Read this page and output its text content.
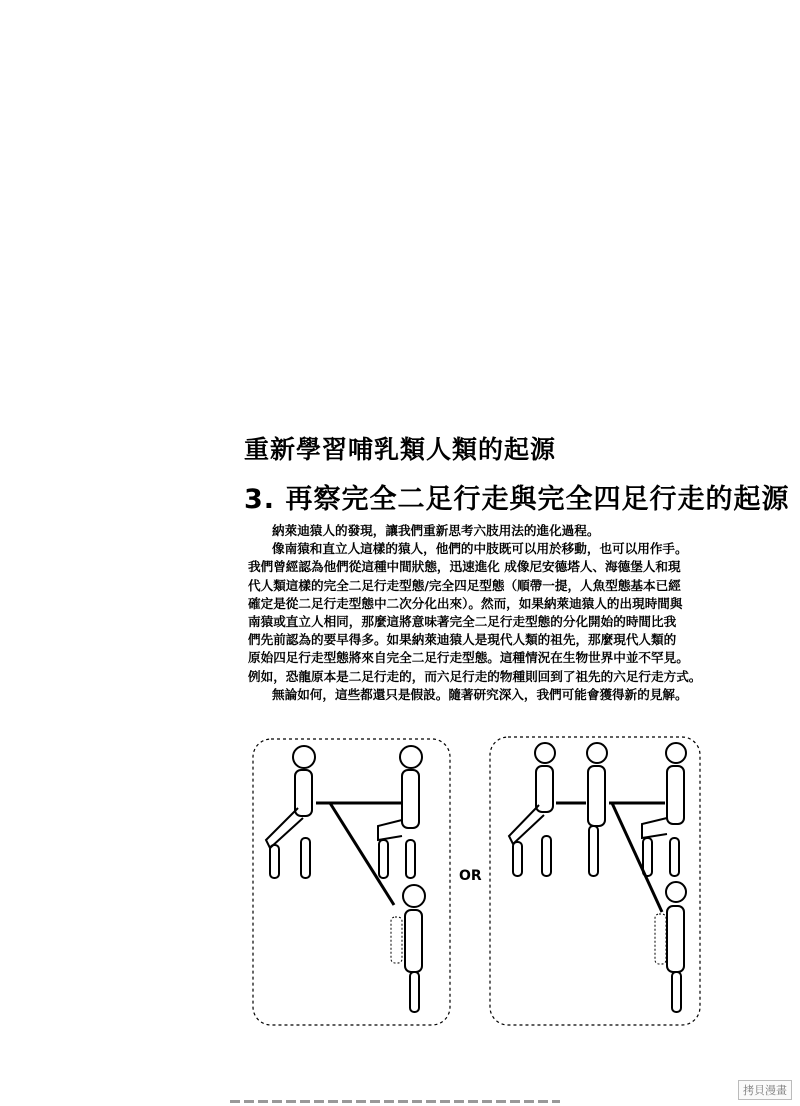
重新學習哺乳類人類的起源
3. 再察完全二足行走與完全四足行走的起源

納萊迪猿人的發現，讓我們重新思考六肢用法的進化過程。

像南猿和直立人這樣的猿人，他們的中肢既可以用於移動，也可以用作手。

我們曾經認為他們從這種中間狀態，迅速進化 成像尼安德塔人、海德堡人和現

代人類這樣的完全二足行走型態/完全四足型態（順帶一提，人魚型態基本已經

確定是從二足行走型態中二次分化出來）。然而，如果納萊迪猿人的出現時間與

南猿或直立人相同，那麼這將意味著完全二足行走型態的分化開始的時間比我

們先前認為的要早得多。如果納萊迪猿人是現代人類的祖先，那麼現代人類的

原始四足行走型態將來自完全二足行走型態。這種情況在生物世界中並不罕見。

例如，恐龍原本是二足行走的，而六足行走的物種則回到了祖先的六足行走方式。

無論如何，這些都還只是假設。隨著研究深入，我們可能會獲得新的見解。

OR
拷貝漫畫
